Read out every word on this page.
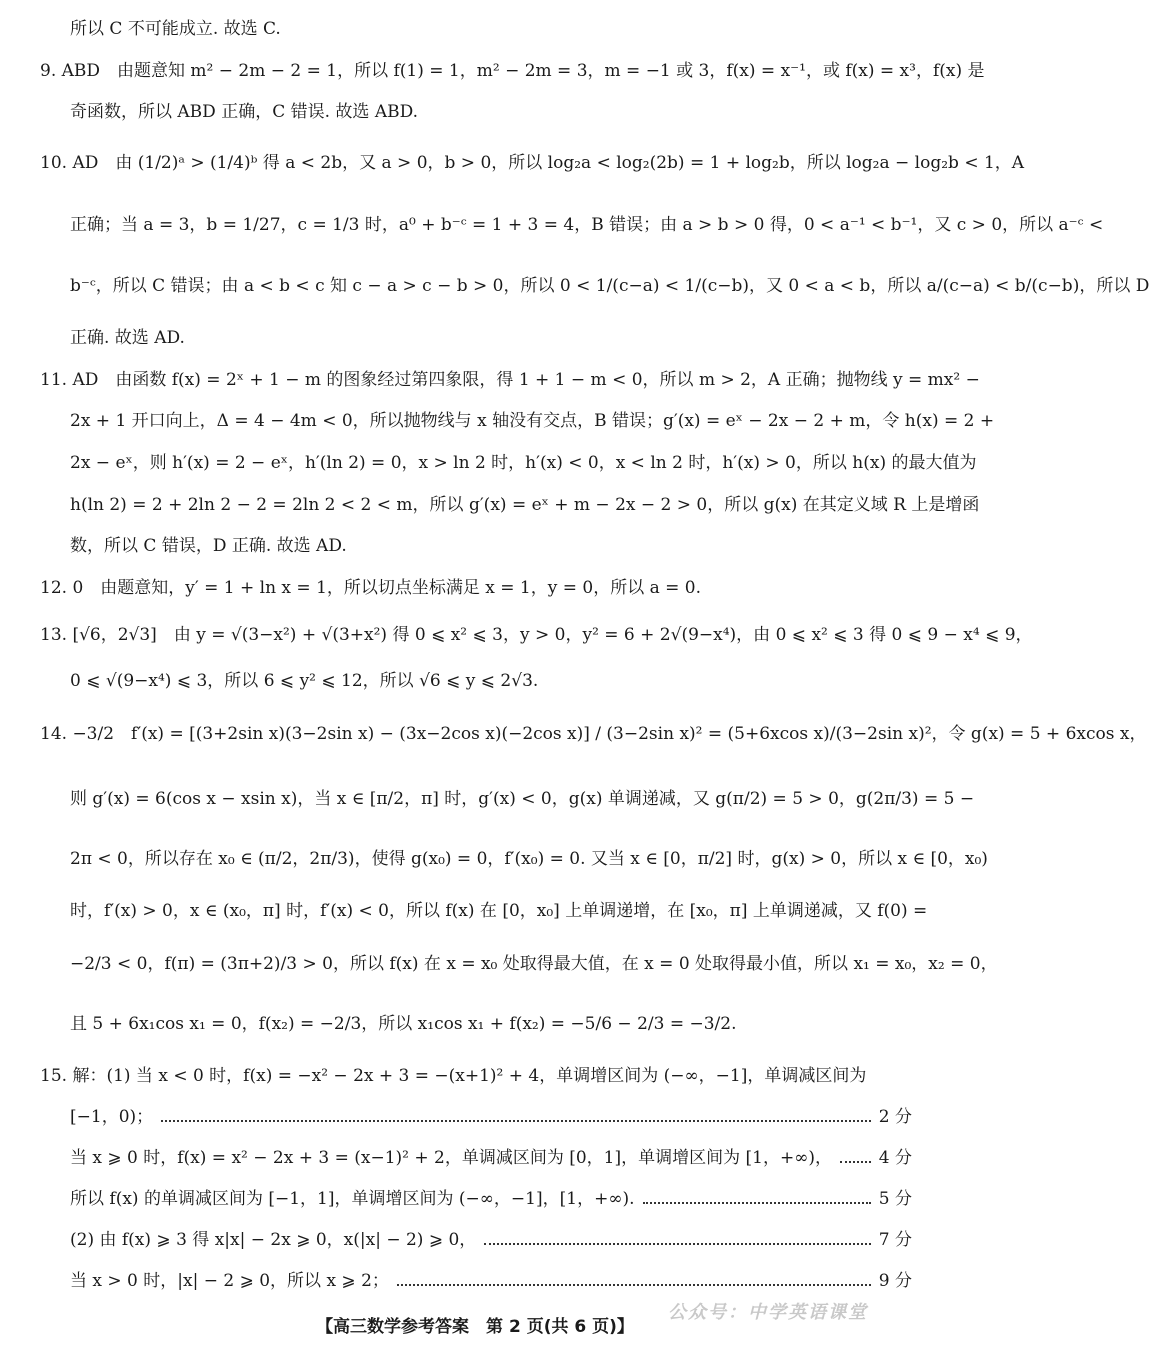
所以 C 不可能成立. 故选 C.
9. ABD　由题意知 m² − 2m − 2 = 1，所以 f(1) = 1，m² − 2m = 3，m = −1 或 3，f(x) = x⁻¹，或 f(x) = x³，f(x) 是
奇函数，所以 ABD 正确，C 错误. 故选 ABD.
10. AD　由 (1/2)ᵃ > (1/4)ᵇ 得 a < 2b，又 a > 0，b > 0，所以 log₂a < log₂(2b) = 1 + log₂b，所以 log₂a − log₂b < 1，A
正确；当 a = 3，b = 1/27，c = 1/3 时，a⁰ + b⁻ᶜ = 1 + 3 = 4，B 错误；由 a > b > 0 得，0 < a⁻¹ < b⁻¹，又 c > 0，所以 a⁻ᶜ <
b⁻ᶜ，所以 C 错误；由 a < b < c 知 c − a > c − b > 0，所以 0 < 1/(c−a) < 1/(c−b)，又 0 < a < b，所以 a/(c−a) < b/(c−b)，所以 D
正确. 故选 AD.
11. AD　由函数 f(x) = 2ˣ + 1 − m 的图象经过第四象限，得 1 + 1 − m < 0，所以 m > 2，A 正确；抛物线 y = mx² −
2x + 1 开口向上，Δ = 4 − 4m < 0，所以抛物线与 x 轴没有交点，B 错误；g′(x) = eˣ − 2x − 2 + m，令 h(x) = 2 +
2x − eˣ，则 h′(x) = 2 − eˣ，h′(ln 2) = 0，x > ln 2 时，h′(x) < 0，x < ln 2 时，h′(x) > 0，所以 h(x) 的最大值为
h(ln 2) = 2 + 2ln 2 − 2 = 2ln 2 < 2 < m，所以 g′(x) = eˣ + m − 2x − 2 > 0，所以 g(x) 在其定义域 R 上是增函
数，所以 C 错误，D 正确. 故选 AD.
12. 0　由题意知，y′ = 1 + ln x = 1，所以切点坐标满足 x = 1，y = 0，所以 a = 0.
13. [√6，2√3]　由 y = √(3−x²) + √(3+x²) 得 0 ⩽ x² ⩽ 3，y > 0，y² = 6 + 2√(9−x⁴)，由 0 ⩽ x² ⩽ 3 得 0 ⩽ 9 − x⁴ ⩽ 9，
0 ⩽ √(9−x⁴) ⩽ 3，所以 6 ⩽ y² ⩽ 12，所以 √6 ⩽ y ⩽ 2√3.
14. −3/2　f′(x) = [(3+2sin x)(3−2sin x) − (3x−2cos x)(−2cos x)] / (3−2sin x)² = (5+6xcos x)/(3−2sin x)²，令 g(x) = 5 + 6xcos x，
则 g′(x) = 6(cos x − xsin x)，当 x ∈ [π/2，π] 时，g′(x) < 0，g(x) 单调递减，又 g(π/2) = 5 > 0，g(2π/3) = 5 −
2π < 0，所以存在 x₀ ∈ (π/2，2π/3)，使得 g(x₀) = 0，f′(x₀) = 0. 又当 x ∈ [0，π/2] 时，g(x) > 0，所以 x ∈ [0，x₀)
时，f′(x) > 0，x ∈ (x₀，π] 时，f′(x) < 0，所以 f(x) 在 [0，x₀] 上单调递增，在 [x₀，π] 上单调递减，又 f(0) =
−2/3 < 0，f(π) = (3π+2)/3 > 0，所以 f(x) 在 x = x₀ 处取得最大值，在 x = 0 处取得最小值，所以 x₁ = x₀，x₂ = 0，
且 5 + 6x₁cos x₁ = 0，f(x₂) = −2/3，所以 x₁cos x₁ + f(x₂) = −5/6 − 2/3 = −3/2.
15. 解：(1) 当 x < 0 时，f(x) = −x² − 2x + 3 = −(x+1)² + 4，单调增区间为 (−∞，−1]，单调减区间为
[−1，0)；	2 分
当 x ⩾ 0 时，f(x) = x² − 2x + 3 = (x−1)² + 2，单调减区间为 [0，1]，单调增区间为 [1，+∞)，	4 分
所以 f(x) 的单调减区间为 [−1，1]，单调增区间为 (−∞，−1]，[1，+∞).	5 分
(2) 由 f(x) ⩾ 3 得 x|x| − 2x ⩾ 0，x(|x| − 2) ⩾ 0，	7 分
当 x > 0 时，|x| − 2 ⩾ 0，所以 x ⩾ 2；	9 分
【高三数学参考答案　第 2 页(共 6 页)】
公众号：中学英语课堂
